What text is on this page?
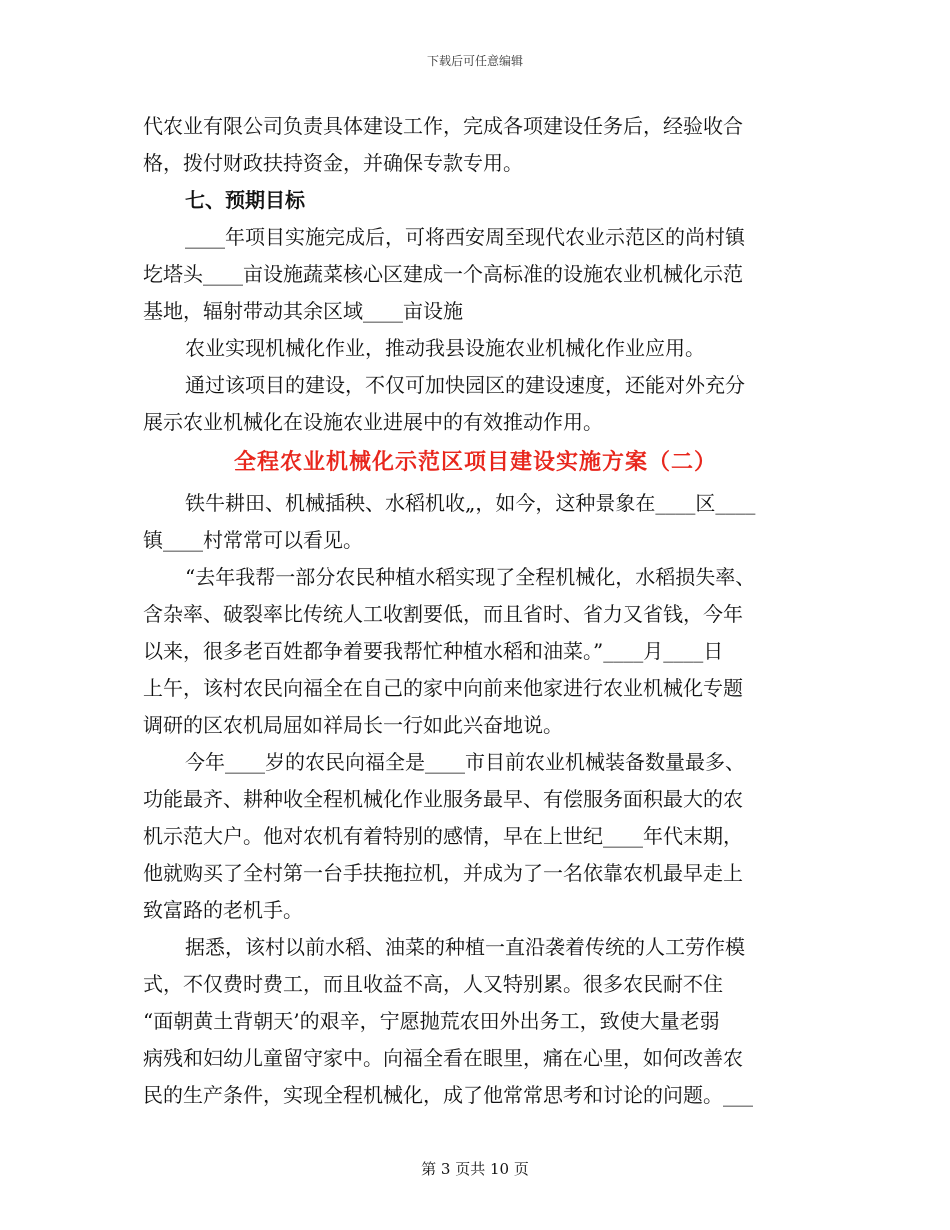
下载后可任意编辑
代农业有限公司负责具体建设工作，完成各项建设任务后，经验收合
格，拨付财政扶持资金，并确保专款专用。
七、预期目标
____年项目实施完成后，可将西安周至现代农业示范区的尚村镇
圪塔头____亩设施蔬菜核心区建成一个高标准的设施农业机械化示范
基地，辐射带动其余区域____亩设施
农业实现机械化作业，推动我县设施农业机械化作业应用。
通过该项目的建设，不仅可加快园区的建设速度，还能对外充分
展示农业机械化在设施农业进展中的有效推动作用。
全程农业机械化示范区项目建设实施方案（二）
铁牛耕田、机械插秧、水稻机收„，如今，这种景象在____区____
镇____村常常可以看见。
“去年我帮一部分农民种植水稻实现了全程机械化，水稻损失率、
含杂率、破裂率比传统人工收割要低，而且省时、省力又省钱，今年
以来，很多老百姓都争着要我帮忙种植水稻和油菜。”____月____日
上午，该村农民向福全在自己的家中向前来他家进行农业机械化专题
调研的区农机局屈如祥局长一行如此兴奋地说。
今年____岁的农民向福全是____市目前农业机械装备数量最多、
功能最齐、耕种收全程机械化作业服务最早、有偿服务面积最大的农
机示范大户。他对农机有着特别的感情，早在上世纪____年代末期，
他就购买了全村第一台手扶拖拉机，并成为了一名依靠农机最早走上
致富路的老机手。
据悉，该村以前水稻、油菜的种植一直沿袭着传统的人工劳作模
式，不仅费时费工，而且收益不高，人又特别累。很多农民耐不住
“面朝黄土背朝天’的艰辛，宁愿抛荒农田外出务工，致使大量老弱
病残和妇幼儿童留守家中。向福全看在眼里，痛在心里，如何改善农
民的生产条件，实现全程机械化，成了他常常思考和讨论的问题。___
第 3 页共 10 页
